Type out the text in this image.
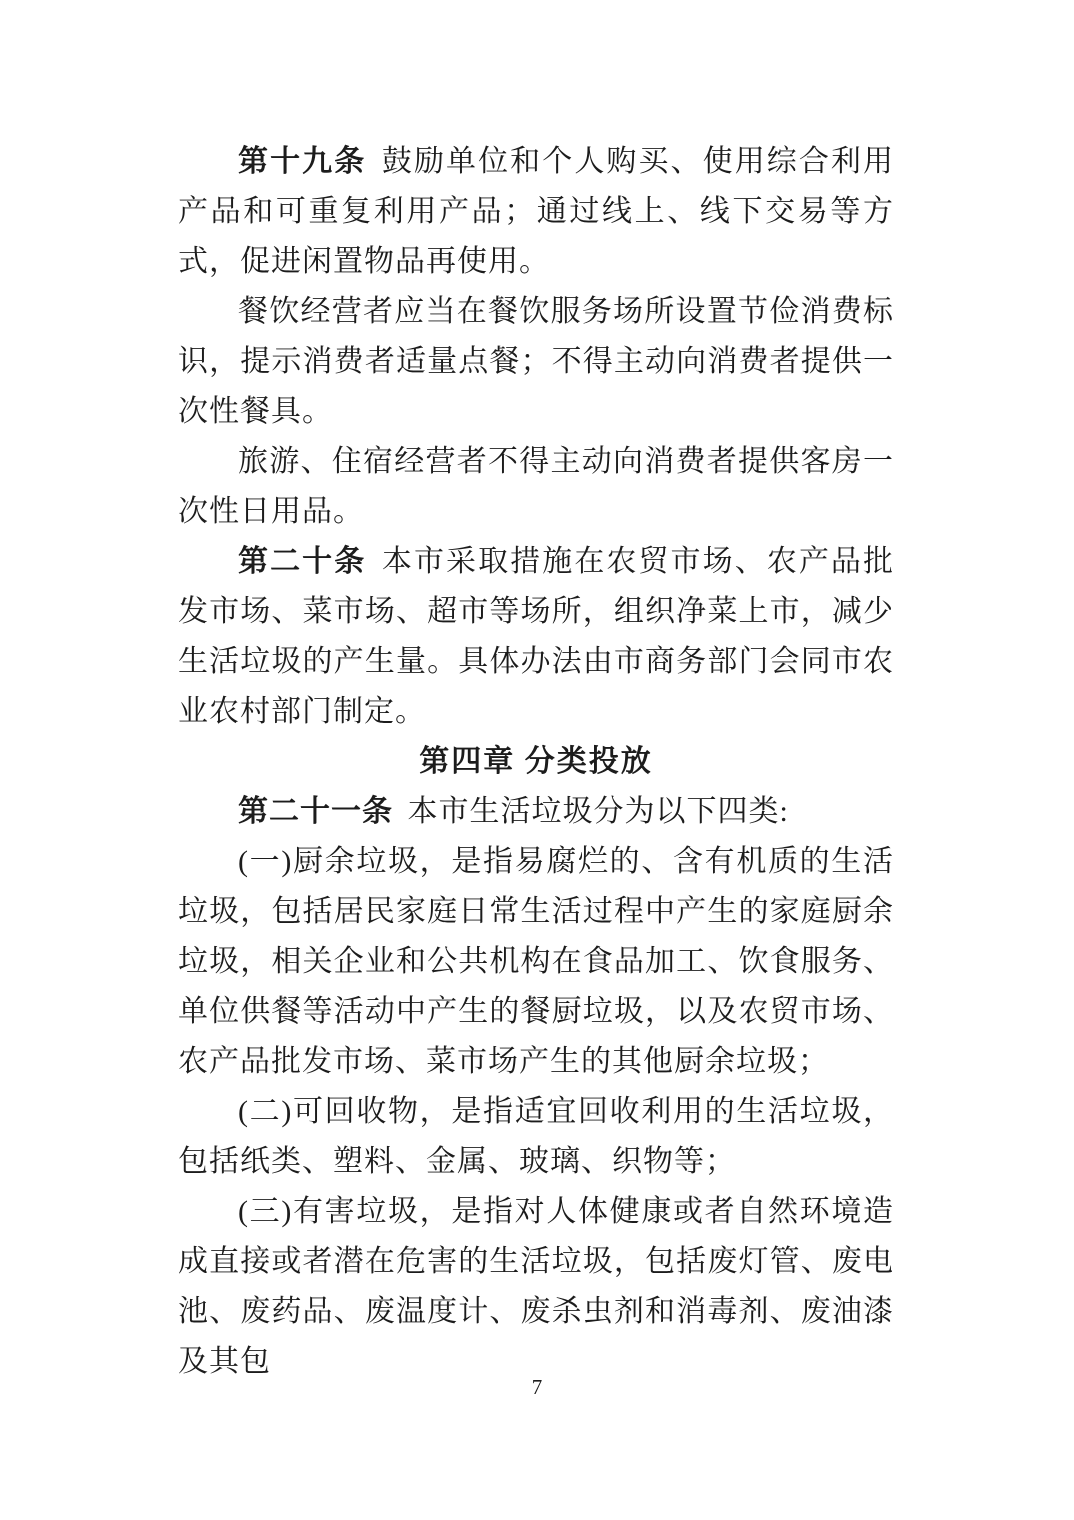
第十九条 鼓励单位和个人购买、使用综合利用产品和可重复利用产品；通过线上、线下交易等方式，促进闲置物品再使用。

餐饮经营者应当在餐饮服务场所设置节俭消费标识，提示消费者适量点餐；不得主动向消费者提供一次性餐具。

旅游、住宿经营者不得主动向消费者提供客房一次性日用品。

第二十条 本市采取措施在农贸市场、农产品批发市场、菜市场、超市等场所，组织净菜上市，减少生活垃圾的产生量。具体办法由市商务部门会同市农业农村部门制定。

第四章 分类投放

第二十一条 本市生活垃圾分为以下四类:

(一)厨余垃圾，是指易腐烂的、含有机质的生活垃圾，包括居民家庭日常生活过程中产生的家庭厨余垃圾，相关企业和公共机构在食品加工、饮食服务、单位供餐等活动中产生的餐厨垃圾，以及农贸市场、农产品批发市场、菜市场产生的其他厨余垃圾；

(二)可回收物，是指适宜回收利用的生活垃圾，包括纸类、塑料、金属、玻璃、织物等；

(三)有害垃圾，是指对人体健康或者自然环境造成直接或者潜在危害的生活垃圾，包括废灯管、废电池、废药品、废温度计、废杀虫剂和消毒剂、废油漆及其包

7
